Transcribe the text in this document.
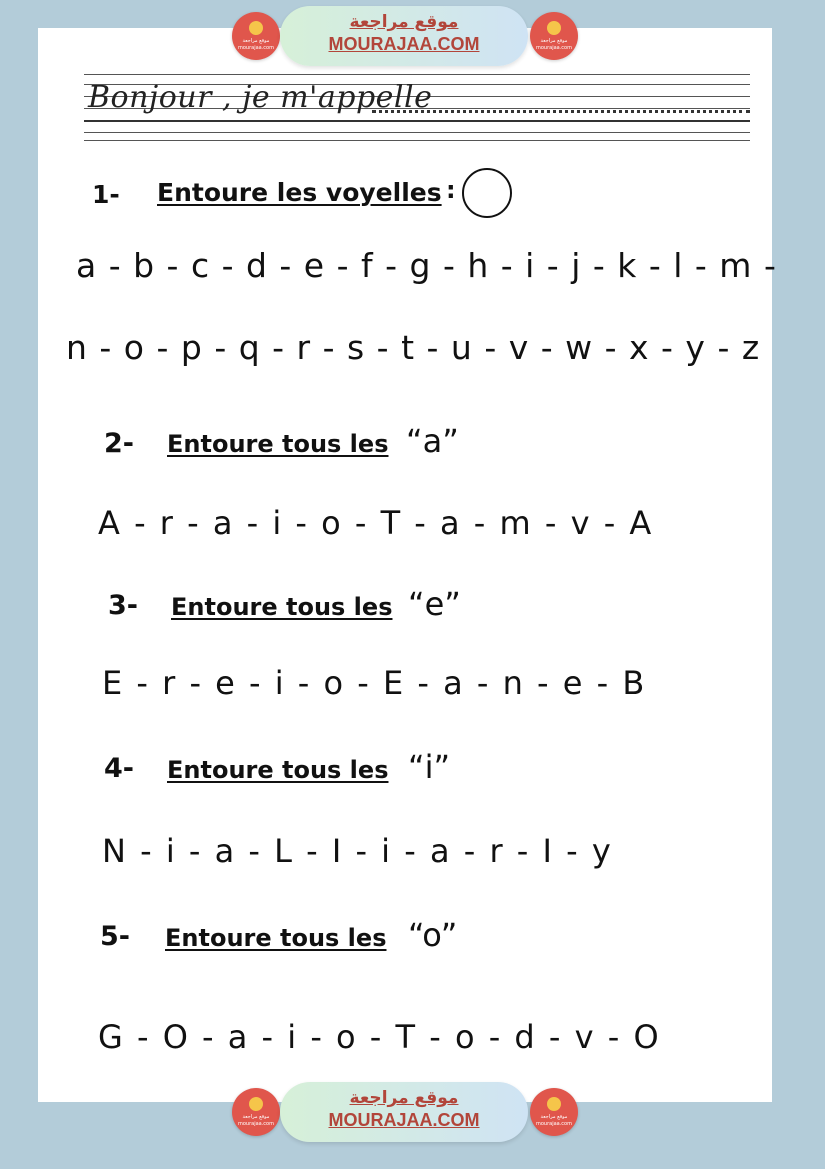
موقع مراجعة
mourajaa.com
موقع مراجعة
MOURAJAA.COM	موقع مراجعة
mourajaa.com
Bonjour , je m'appelle
1- Entoure les voyelles :
a - b - c - d - e - f - g - h - i - j - k - l - m -
n - o - p - q - r - s - t - u - v - w - x - y - z
2- Entoure tous les “a”
A - r - a - i - o - T - a - m - v - A
3- Entoure tous les “e”
E - r - e - i - o - E - a - n - e - B
4- Entoure tous les “i”
N - i - a - L - I - i - a - r - I - y
5- Entoure tous les “o”
G - O - a - i - o - T - o - d - v - O
موقع مراجعة
mourajaa.com
موقع مراجعة
MOURAJAA.COM	موقع مراجعة
mourajaa.com
